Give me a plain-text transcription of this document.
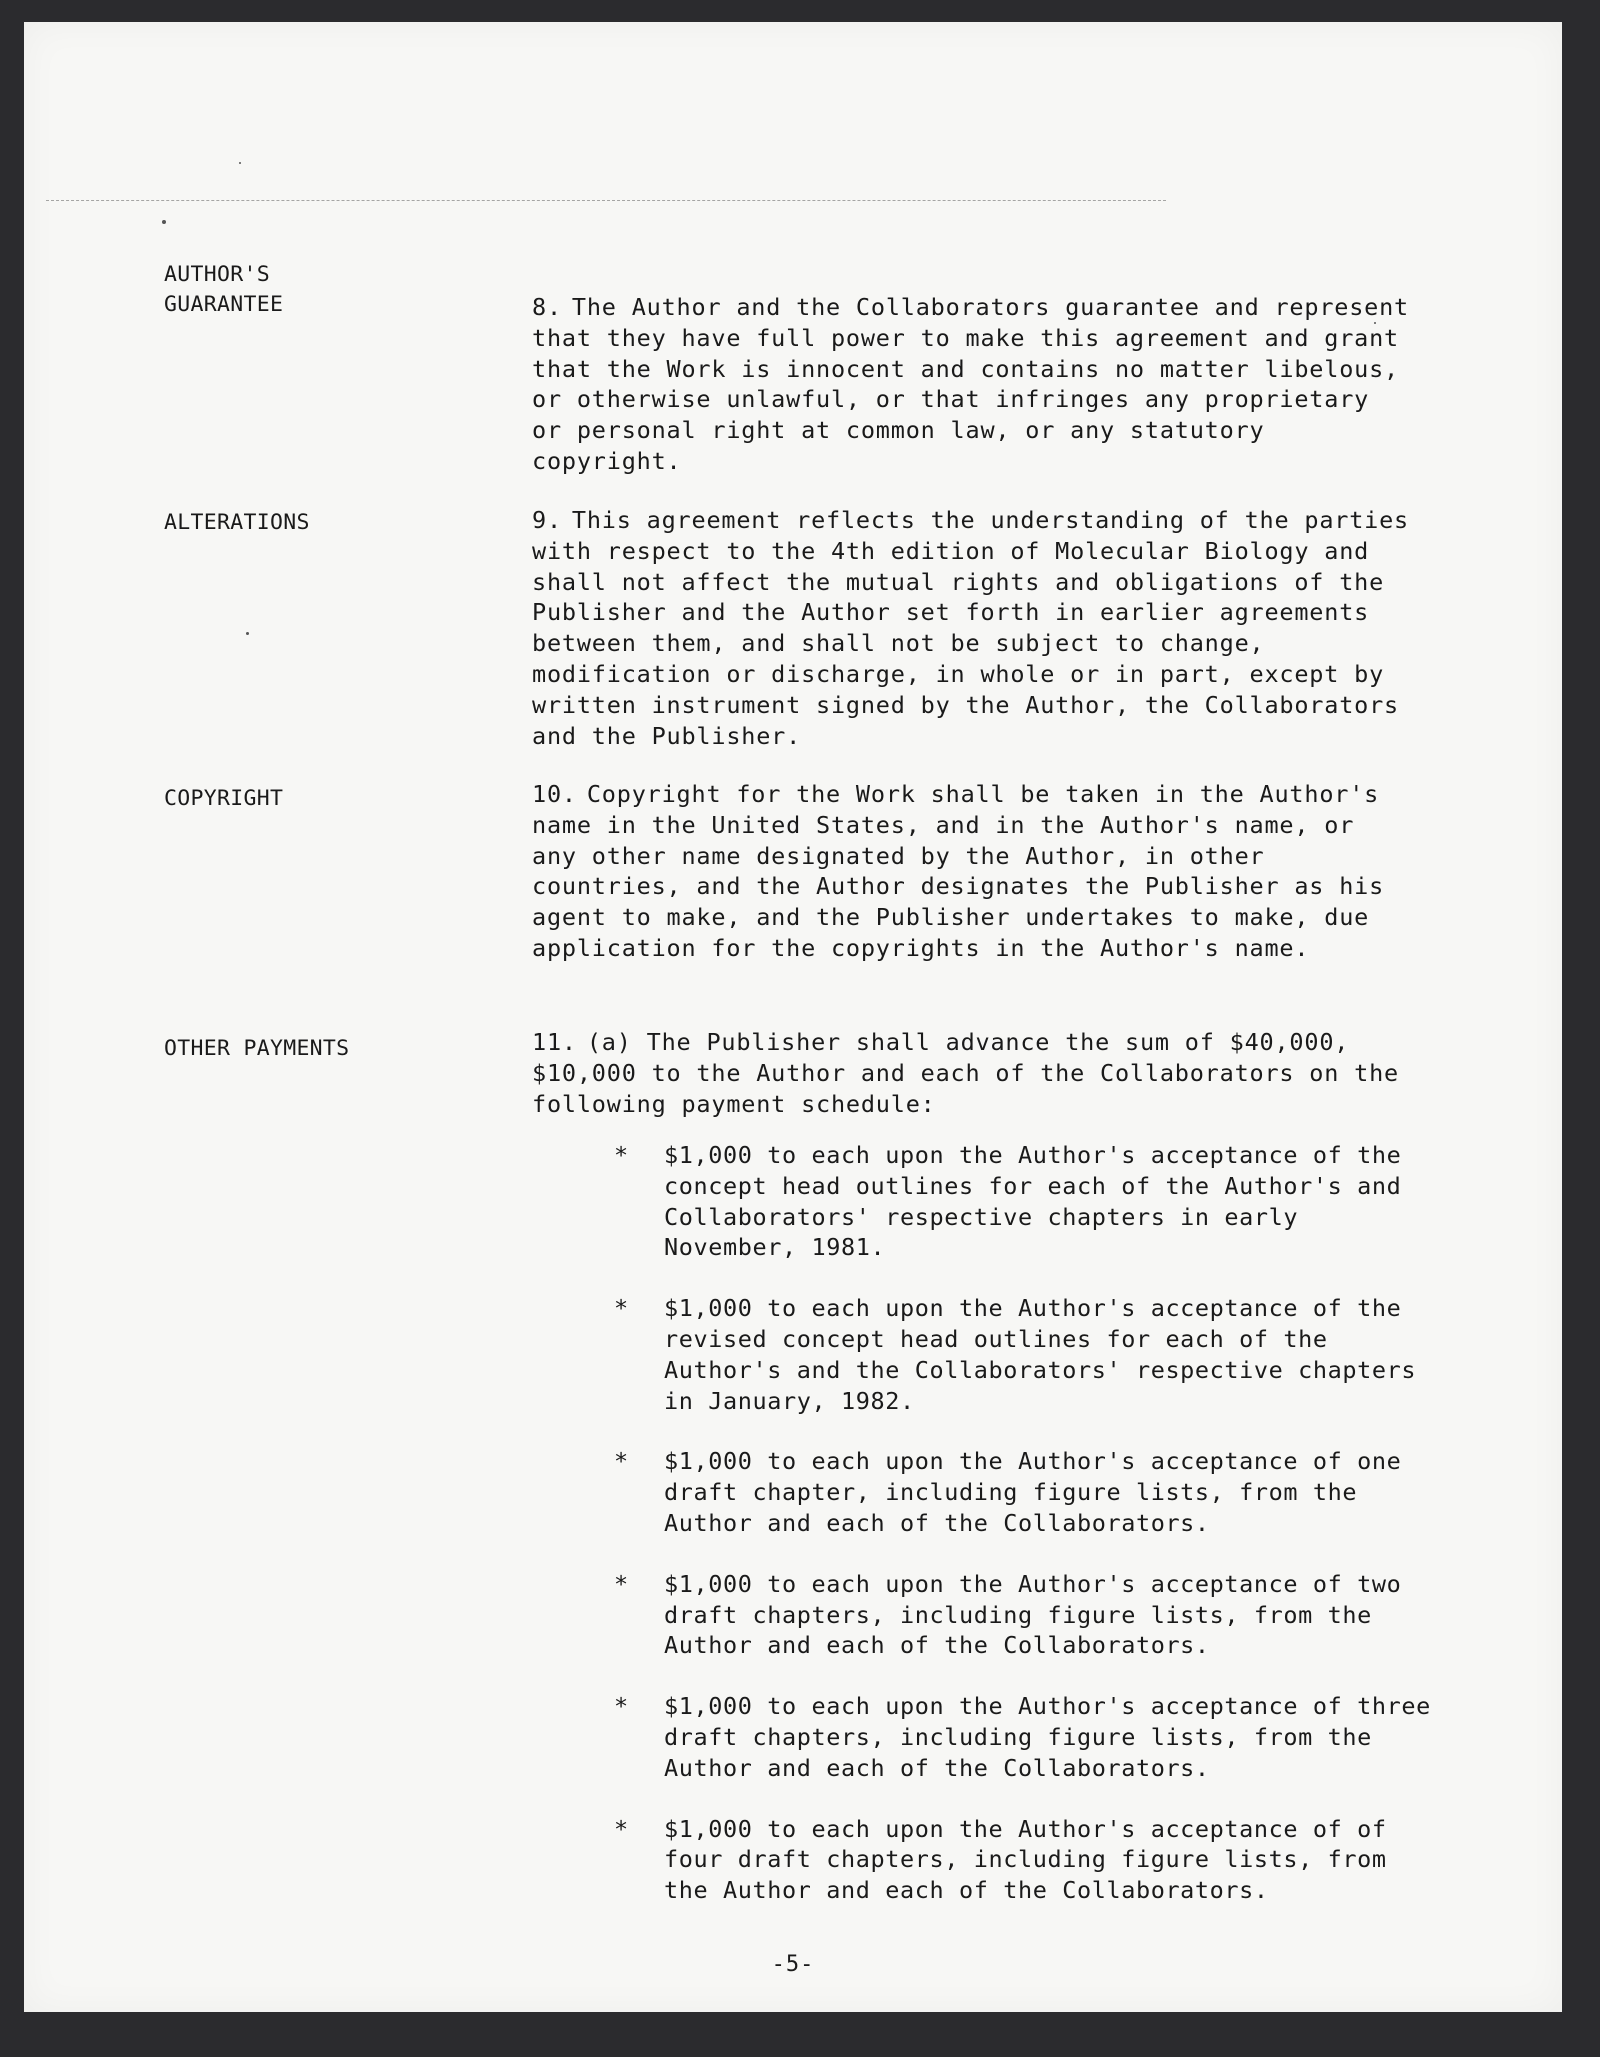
AUTHOR'S
GUARANTEE	8. The Author and the Collaborators guarantee and represent that they have full power to make this agreement and grant that the Work is innocent and contains no matter libelous, or otherwise unlawful, or that infringes any proprietary or personal right at common law, or any statutory copyright.

ALTERATIONS	9. This agreement reflects the understanding of the parties with respect to the 4th edition of Molecular Biology and shall not affect the mutual rights and obligations of the Publisher and the Author set forth in earlier agreements between them, and shall not be subject to change, modification or discharge, in whole or in part, except by written instrument signed by the Author, the Collaborators and the Publisher.

COPYRIGHT	10. Copyright for the Work shall be taken in the Author's name in the United States, and in the Author's name, or any other name designated by the Author, in other countries, and the Author designates the Publisher as his agent to make, and the Publisher undertakes to make, due application for the copyrights in the Author's name.

OTHER PAYMENTS	11. (a) The Publisher shall advance the sum of $40,000, $10,000 to the Author and each of the Collaborators on the following payment schedule:

* $1,000 to each upon the Author's acceptance of the concept head outlines for each of the Author's and Collaborators' respective chapters in early November, 1981.
* $1,000 to each upon the Author's acceptance of the revised concept head outlines for each of the Author's and the Collaborators' respective chapters in January, 1982.
* $1,000 to each upon the Author's acceptance of one draft chapter, including figure lists, from the Author and each of the Collaborators.
* $1,000 to each upon the Author's acceptance of two draft chapters, including figure lists, from the Author and each of the Collaborators.
* $1,000 to each upon the Author's acceptance of three draft chapters, including figure lists, from the Author and each of the Collaborators.
* $1,000 to each upon the Author's acceptance of of four draft chapters, including figure lists, from the Author and each of the Collaborators.
-5-
